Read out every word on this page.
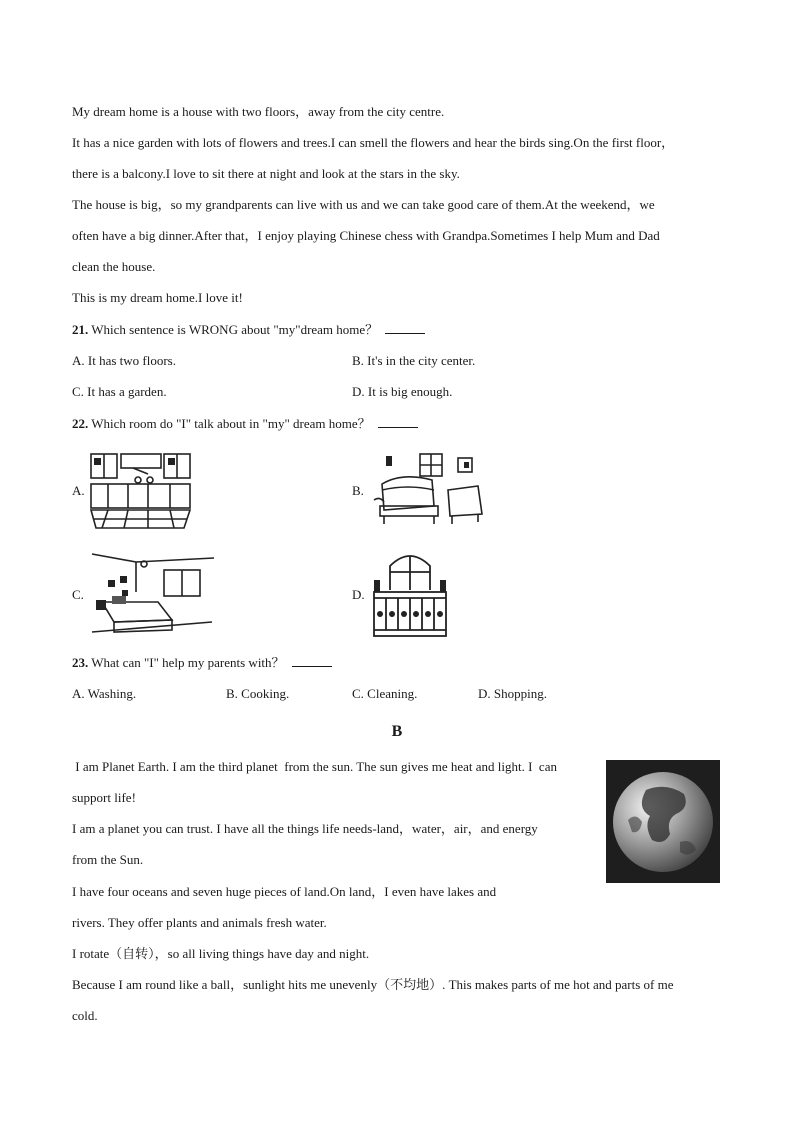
My dream home is a house with two floors，away from the city centre.
It has a nice garden with lots of flowers and trees.I can smell the flowers and hear the birds sing.On the first floor，
there is a balcony.I love to sit there at night and look at the stars in the sky.
The house is big，so my grandparents can live with us and we can take good care of them.At the weekend，we
often have a big dinner.After that，I enjoy playing Chinese chess with Grandpa.Sometimes I help Mum and Dad
clean the house.
This is my dream home.I love it!
21. Which sentence is WRONG about "my"dream home？
A. It has two floors.	B. It's in the city center.
C. It has a garden.	D. It is big enough.
22. Which room do "I" talk about in "my" dream home？
A.	B.
C.	D.
23. What can "I" help my parents with？
A. Washing.	B. Cooking.	C. Cleaning.	D. Shopping.
B
I am Planet Earth. I am the third planet  from the sun. The sun gives me heat and light. I  can
support life!
I am a planet you can trust. I have all the things life needs-land，water，air，and energy
from the Sun.
I have four oceans and seven huge pieces of land.On land，I even have lakes and
rivers. They offer plants and animals fresh water.
I rotate（自转），so all living things have day and night.
Because I am round like a ball，sunlight hits me unevenly（不均地）. This makes parts of me hot and parts of me
cold.
